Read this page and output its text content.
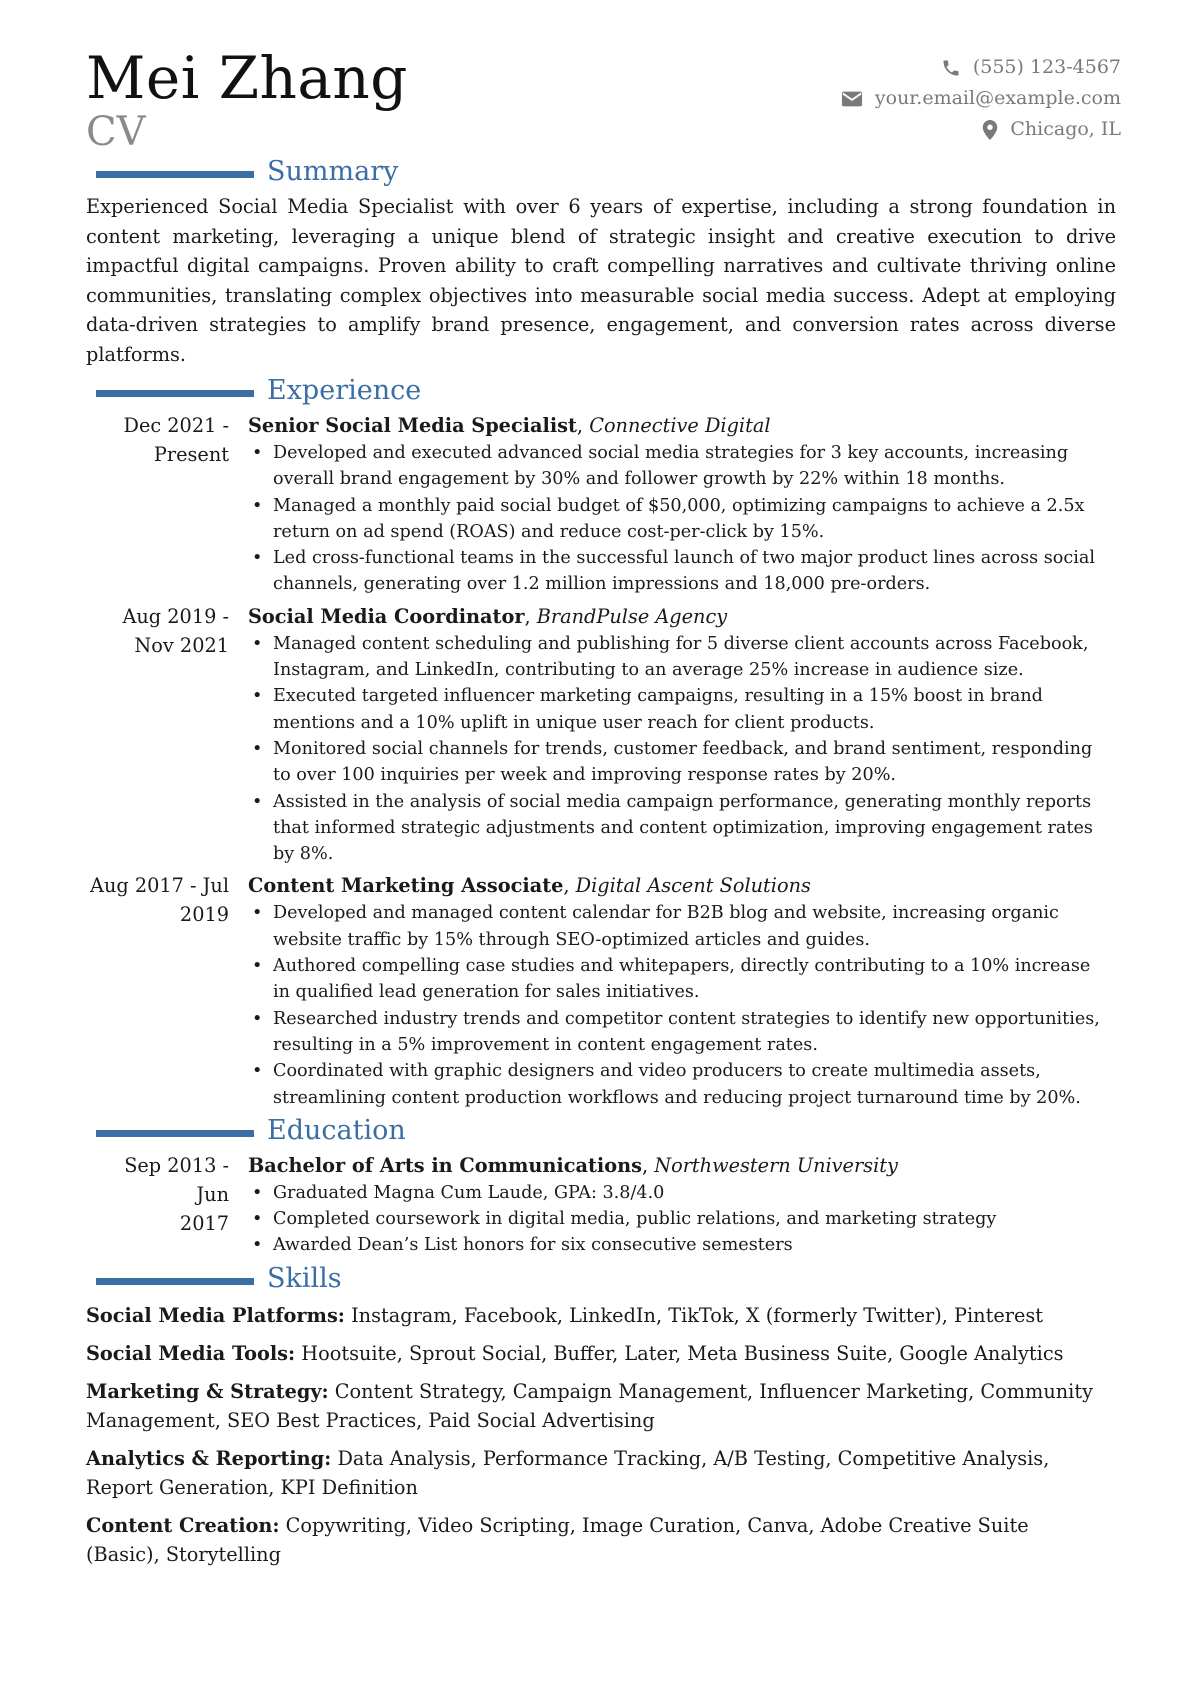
Mei Zhang
CV
(555) 123-4567
your.email@example.com
Chicago, IL
Summary

Experienced Social Media Specialist with over 6 years of expertise, including a strong foundation in content marketing, leveraging a unique blend of strategic insight and creative execution to drive impactful digital campaigns. Proven ability to craft compelling narratives and cultivate thriving online communities, translating complex objectives into measurable social media success. Adept at employing data-driven strategies to amplify brand presence, engagement, and conversion rates across diverse platforms.

Experience
Dec 2021 -
Present
Senior Social Media Specialist, Connective Digital
• Developed and executed advanced social media strategies for 3 key accounts, increasing overall brand engagement by 30% and follower growth by 22% within 18 months.
• Managed a monthly paid social budget of $50,000, optimizing campaigns to achieve a 2.5x return on ad spend (ROAS) and reduce cost-per-click by 15%.
• Led cross-functional teams in the successful launch of two major product lines across social channels, generating over 1.2 million impressions and 18,000 pre-orders.
Aug 2019 -
Nov 2021
Social Media Coordinator, BrandPulse Agency
• Managed content scheduling and publishing for 5 diverse client accounts across Facebook, Instagram, and LinkedIn, contributing to an average 25% increase in audience size.
• Executed targeted influencer marketing campaigns, resulting in a 15% boost in brand mentions and a 10% uplift in unique user reach for client products.
• Monitored social channels for trends, customer feedback, and brand sentiment, responding to over 100 inquiries per week and improving response rates by 20%.
• Assisted in the analysis of social media campaign performance, generating monthly reports that informed strategic adjustments and content optimization, improving engagement rates by 8%.
Aug 2017 - Jul
2019
Content Marketing Associate, Digital Ascent Solutions
• Developed and managed content calendar for B2B blog and website, increasing organic website traffic by 15% through SEO-optimized articles and guides.
• Authored compelling case studies and whitepapers, directly contributing to a 10% increase in qualified lead generation for sales initiatives.
• Researched industry trends and competitor content strategies to identify new opportunities, resulting in a 5% improvement in content engagement rates.
• Coordinated with graphic designers and video producers to create multimedia assets, streamlining content production workflows and reducing project turnaround time by 20%.
Education
Sep 2013 - Jun
2017
Bachelor of Arts in Communications, Northwestern University
• Graduated Magna Cum Laude, GPA: 3.8/4.0
• Completed coursework in digital media, public relations, and marketing strategy
• Awarded Dean’s List honors for six consecutive semesters
Skills
Social Media Platforms: Instagram, Facebook, LinkedIn, TikTok, X (formerly Twitter), Pinterest
Social Media Tools: Hootsuite, Sprout Social, Buffer, Later, Meta Business Suite, Google Analytics
Marketing & Strategy: Content Strategy, Campaign Management, Influencer Marketing, Community Management, SEO Best Practices, Paid Social Advertising
Analytics & Reporting: Data Analysis, Performance Tracking, A/B Testing, Competitive Analysis, Report Generation, KPI Definition
Content Creation: Copywriting, Video Scripting, Image Curation, Canva, Adobe Creative Suite (Basic), Storytelling
